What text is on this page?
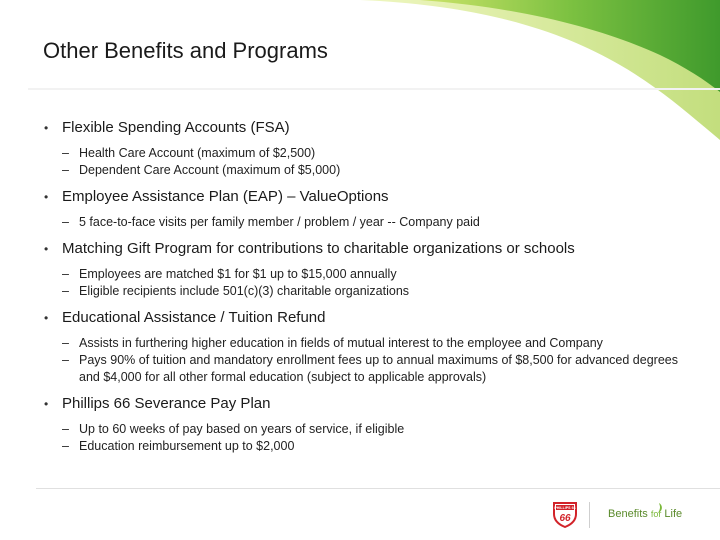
Other Benefits and Programs
• Flexible Spending Accounts (FSA)
– Health Care Account (maximum of $2,500)
– Dependent Care Account (maximum of $5,000)
• Employee Assistance Plan (EAP) – ValueOptions
– 5 face-to-face visits per family member / problem / year -- Company paid
• Matching Gift Program for contributions to charitable organizations or schools
– Employees are matched $1 for $1 up to $15,000 annually
– Eligible recipients include 501(c)(3) charitable organizations
• Educational Assistance / Tuition Refund
– Assists in furthering higher education in fields of mutual interest to the employee and Company
– Pays 90% of tuition and mandatory enrollment fees up to annual maximums of $8,500 for advanced degrees and $4,000 for all other formal education (subject to applicable approvals)
• Phillips 66 Severance Pay Plan
– Up to 60 weeks of pay based on years of service, if eligible
– Education reimbursement up to $2,000
PHILLIPS 66
66	Benefits for Life
